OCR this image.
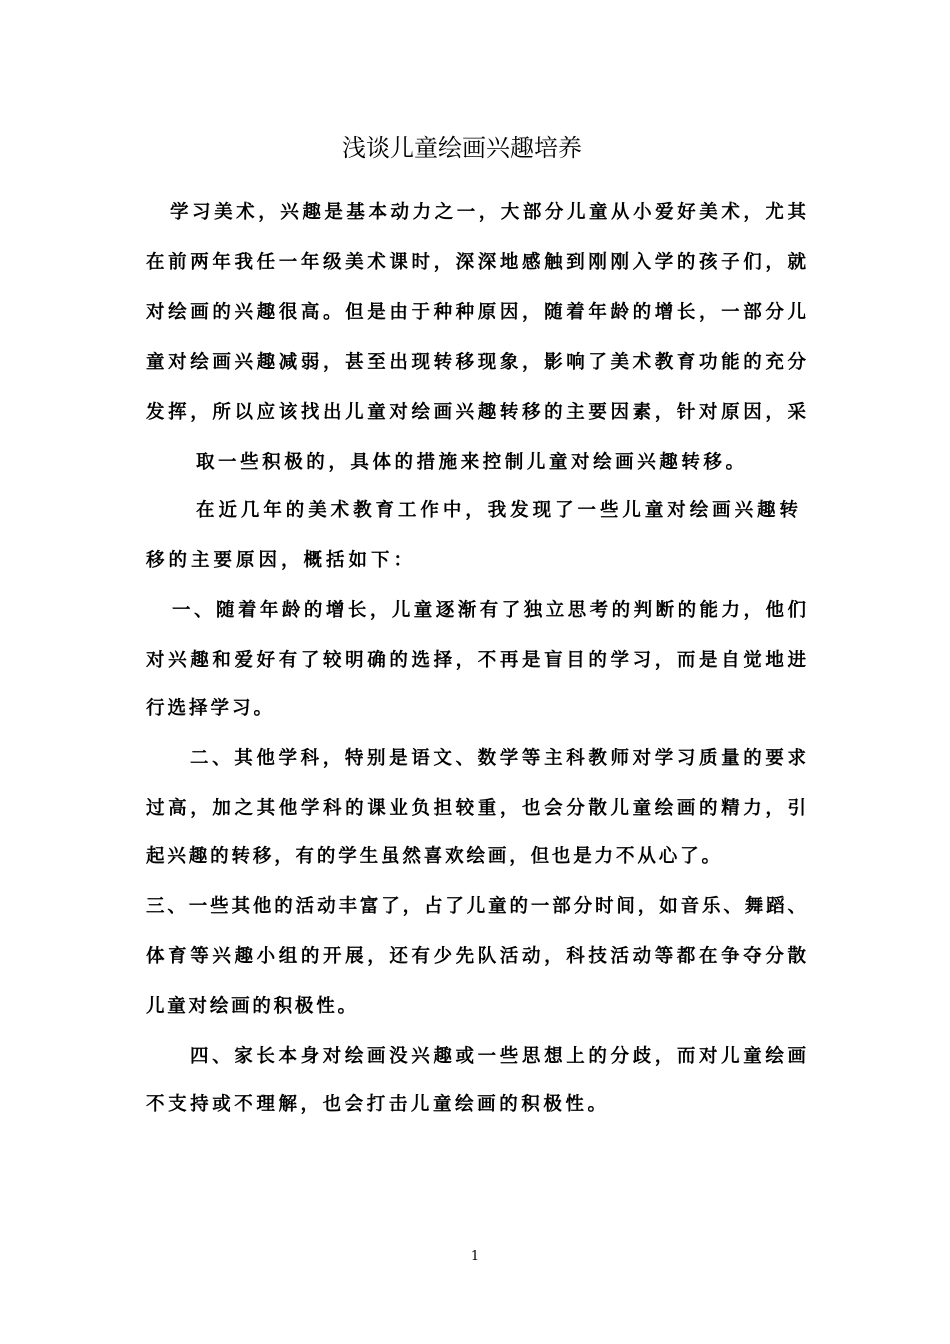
浅谈儿童绘画兴趣培养
学习美术，兴趣是基本动力之一，大部分儿童从小爱好美术，尤其
在前两年我任一年级美术课时，深深地感触到刚刚入学的孩子们，就
对绘画的兴趣很高。但是由于种种原因，随着年龄的增长，一部分儿
童对绘画兴趣减弱，甚至出现转移现象，影响了美术教育功能的充分
发挥，所以应该找出儿童对绘画兴趣转移的主要因素，针对原因，采
取一些积极的，具体的措施来控制儿童对绘画兴趣转移。
在近几年的美术教育工作中，我发现了一些儿童对绘画兴趣转
移的主要原因，概括如下：
一、随着年龄的增长，儿童逐渐有了独立思考的判断的能力，他们
对兴趣和爱好有了较明确的选择，不再是盲目的学习，而是自觉地进
行选择学习。
二、其他学科，特别是语文、数学等主科教师对学习质量的要求
过高，加之其他学科的课业负担较重，也会分散儿童绘画的精力，引
起兴趣的转移，有的学生虽然喜欢绘画，但也是力不从心了。
三、一些其他的活动丰富了，占了儿童的一部分时间，如音乐、舞蹈、
体育等兴趣小组的开展，还有少先队活动，科技活动等都在争夺分散
儿童对绘画的积极性。
四、家长本身对绘画没兴趣或一些思想上的分歧，而对儿童绘画
不支持或不理解，也会打击儿童绘画的积极性。
1
